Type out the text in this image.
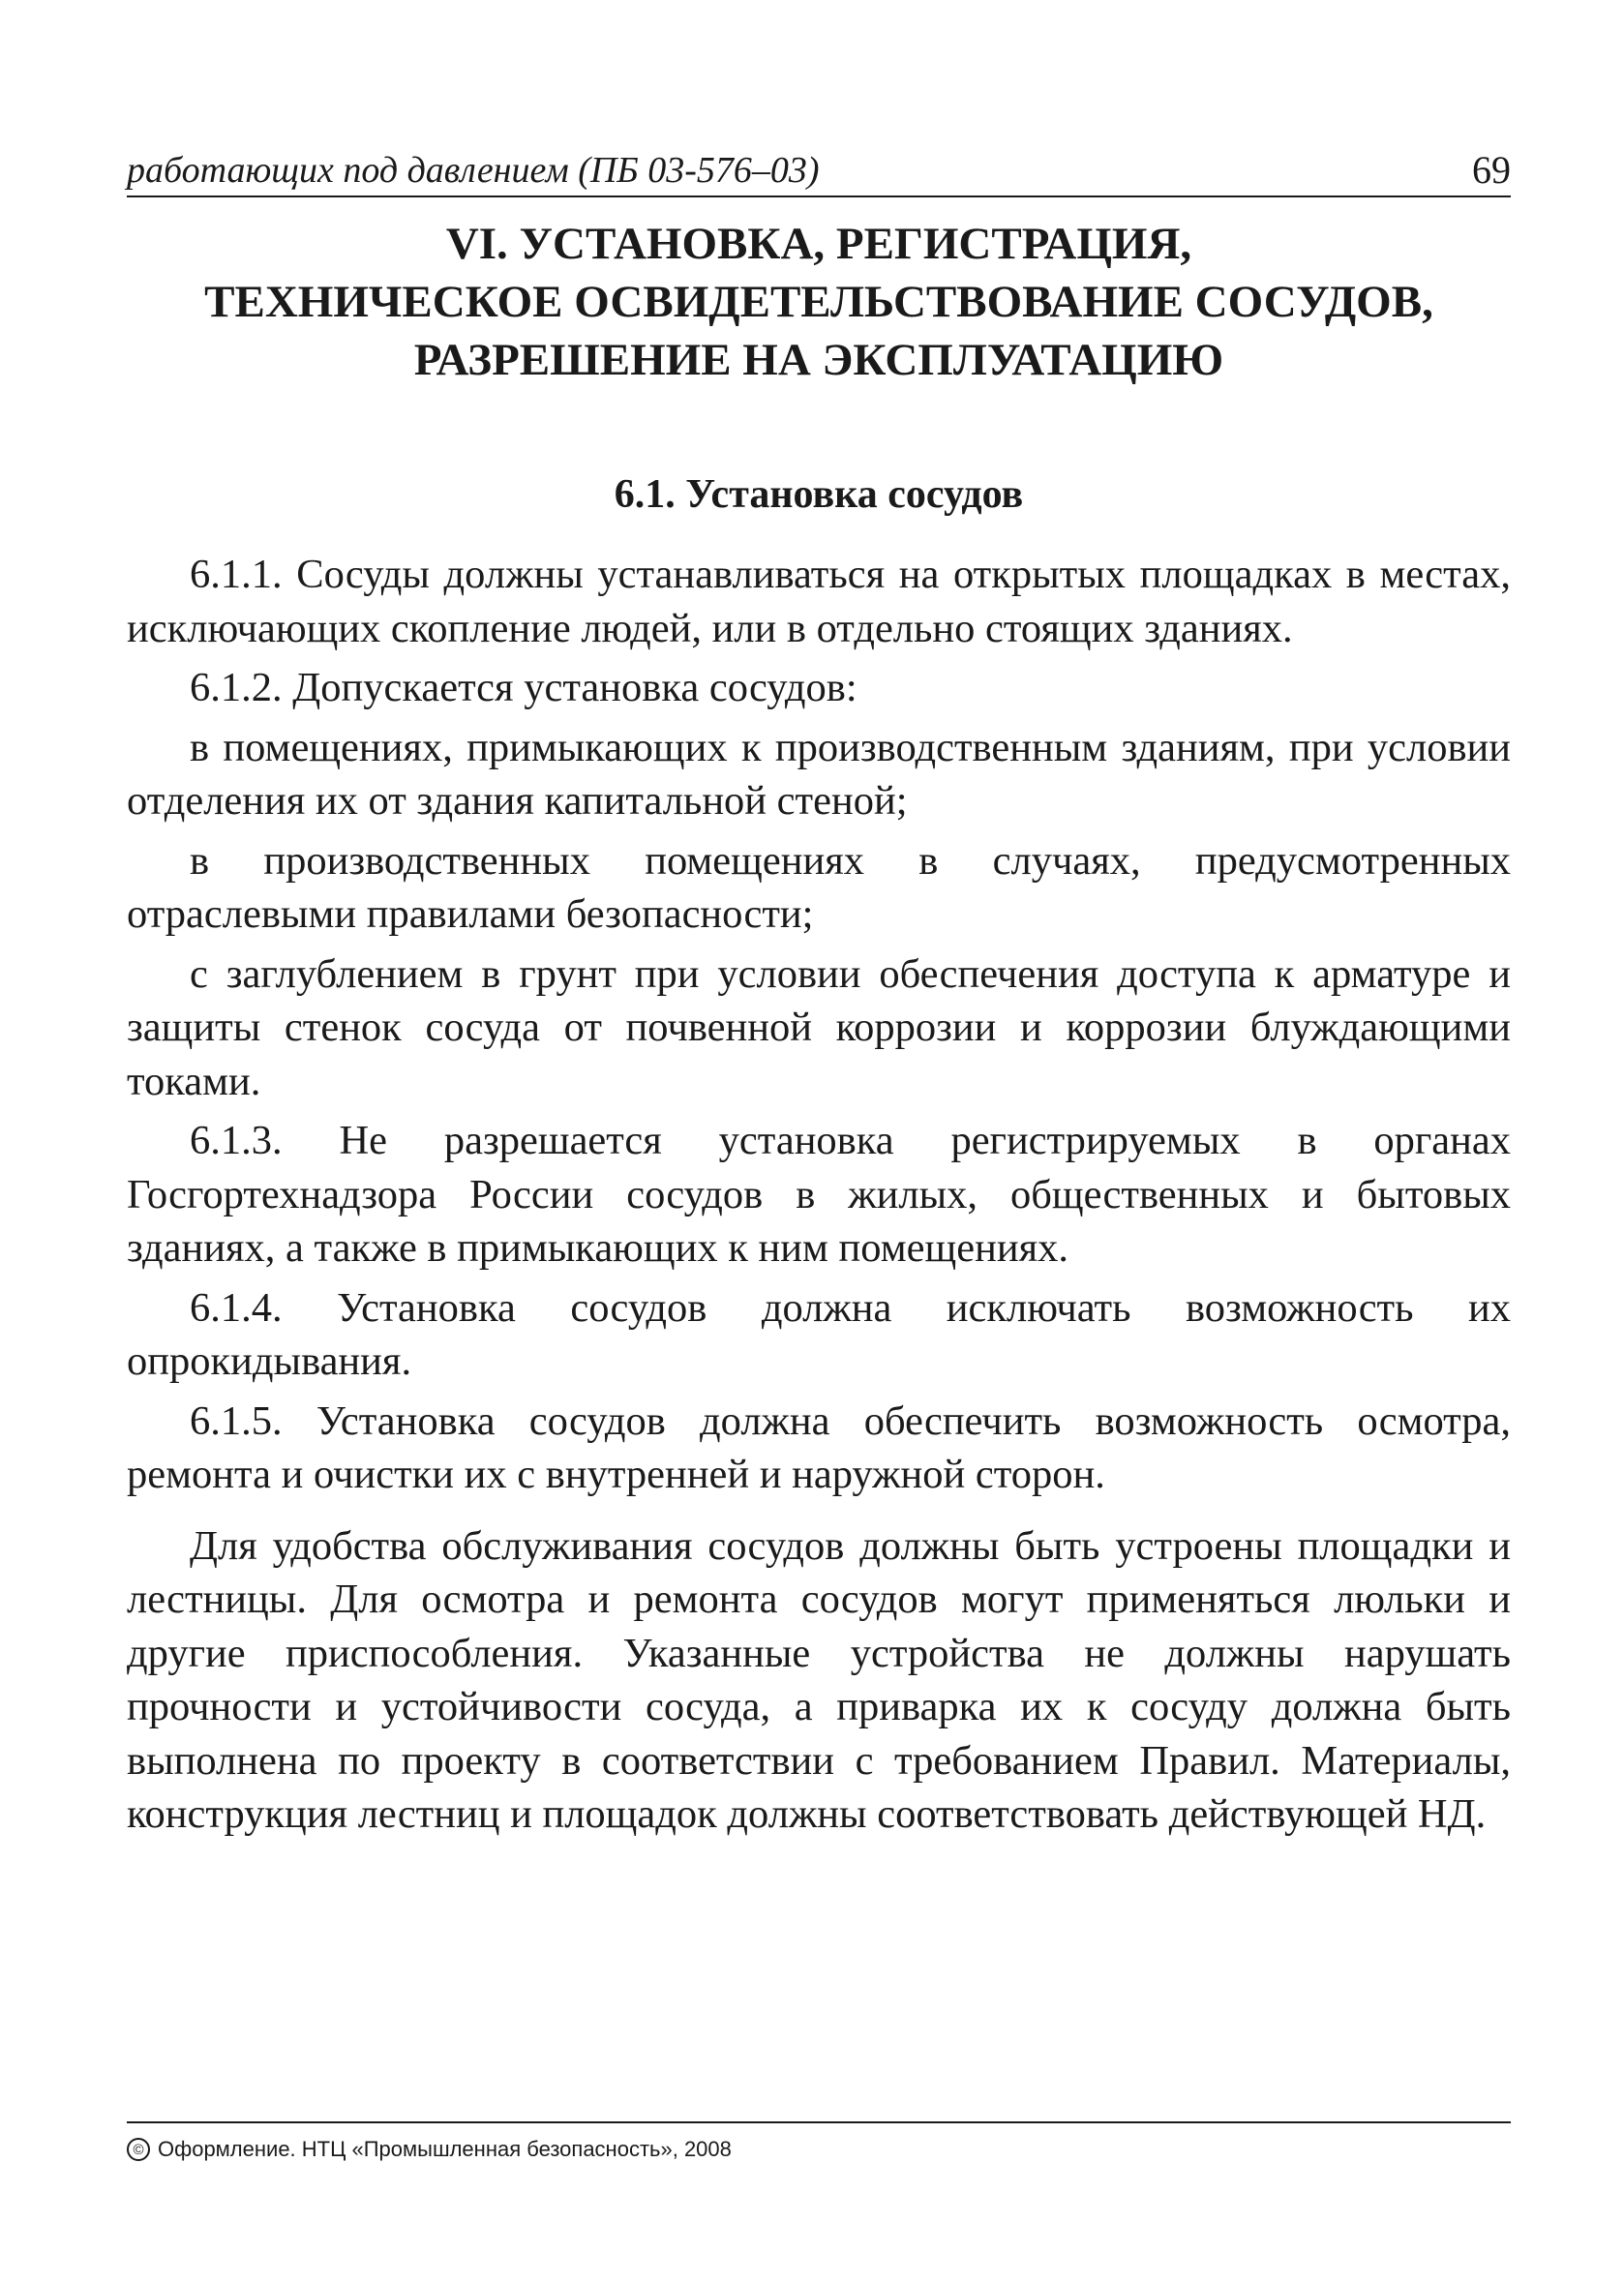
работающих под давлением (ПБ 03-576–03)	69
VI. УСТАНОВКА, РЕГИСТРАЦИЯ,
ТЕХНИЧЕСКОЕ ОСВИДЕТЕЛЬСТВОВАНИЕ СОСУДОВ,
РАЗРЕШЕНИЕ НА ЭКСПЛУАТАЦИЮ
6.1. Установка сосудов

6.1.1. Сосуды должны устанавливаться на открытых площадках в местах, исключающих скопление людей, или в отдельно стоящих зданиях.

6.1.2. Допускается установка сосудов:

в помещениях, примыкающих к производственным зданиям, при условии отделения их от здания капитальной стеной;

в производственных помещениях в случаях, предусмотренных отраслевыми правилами безопасности;

с заглублением в грунт при условии обеспечения доступа к арматуре и защиты стенок сосуда от почвенной коррозии и коррозии блуждающими токами.

6.1.3. Не разрешается установка регистрируемых в органах Госгортехнадзора России сосудов в жилых, общественных и бытовых зданиях, а также в примыкающих к ним помещениях.

6.1.4. Установка сосудов должна исключать возможность их опрокидывания.

6.1.5. Установка сосудов должна обеспечить возможность осмотра, ремонта и очистки их с внутренней и наружной сторон.

Для удобства обслуживания сосудов должны быть устроены площадки и лестницы. Для осмотра и ремонта сосудов могут применяться люльки и другие приспособления. Указанные устройства не должны нарушать прочности и устойчивости сосуда, а приварка их к сосуду должна быть выполнена по проекту в соответствии с требованием Правил. Материалы, конструкция лестниц и площадок должны соответствовать действующей НД.

© Оформление. НТЦ «Промышленная безопасность», 2008
